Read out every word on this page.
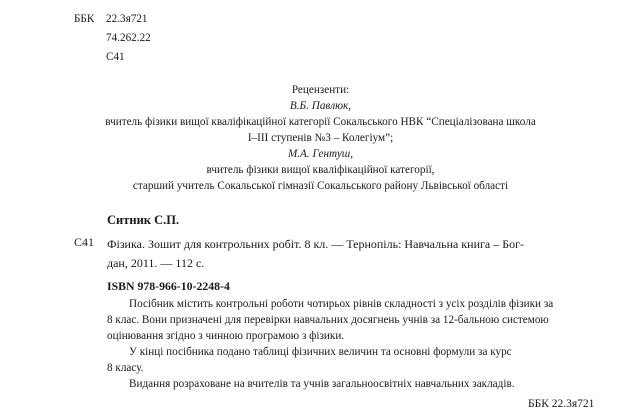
ББК	22.3я721
74.262.22
С41
Рецензенти:
В.Б. Павлюк,
вчитель фізики вищої кваліфікаційної категорії Сокальського НВК “Спеціалізована школа
I–III ступенів №3 – Колегіум”;
М.А. Гентуш,
вчитель фізики вищої кваліфікаційної категорії,
старший учитель Сокальської гімназії Сокальського району Львівської області
Ситник С.П.
С41 Фізика. Зошит для контрольних робіт. 8 кл. — Тернопіль: Навчальна книга – Бог-
дан, 2011. — 112 с.
ISBN 978-966-10-2248-4

Посібник містить контрольні роботи чотирьох рівнів складності з усіх розділів фізики за

8 клас. Вони призначені для перевірки навчальних досягнень учнів за 12-бальною системою

оцінювання згідно з чинною програмою з фізики.

У кінці посібника подано таблиці фізичних величин та основні формули за курс

8 класу.

Видання розраховане на вчителів та учнів загальноосвітніх навчальних закладів.

ББК 22.3я721
